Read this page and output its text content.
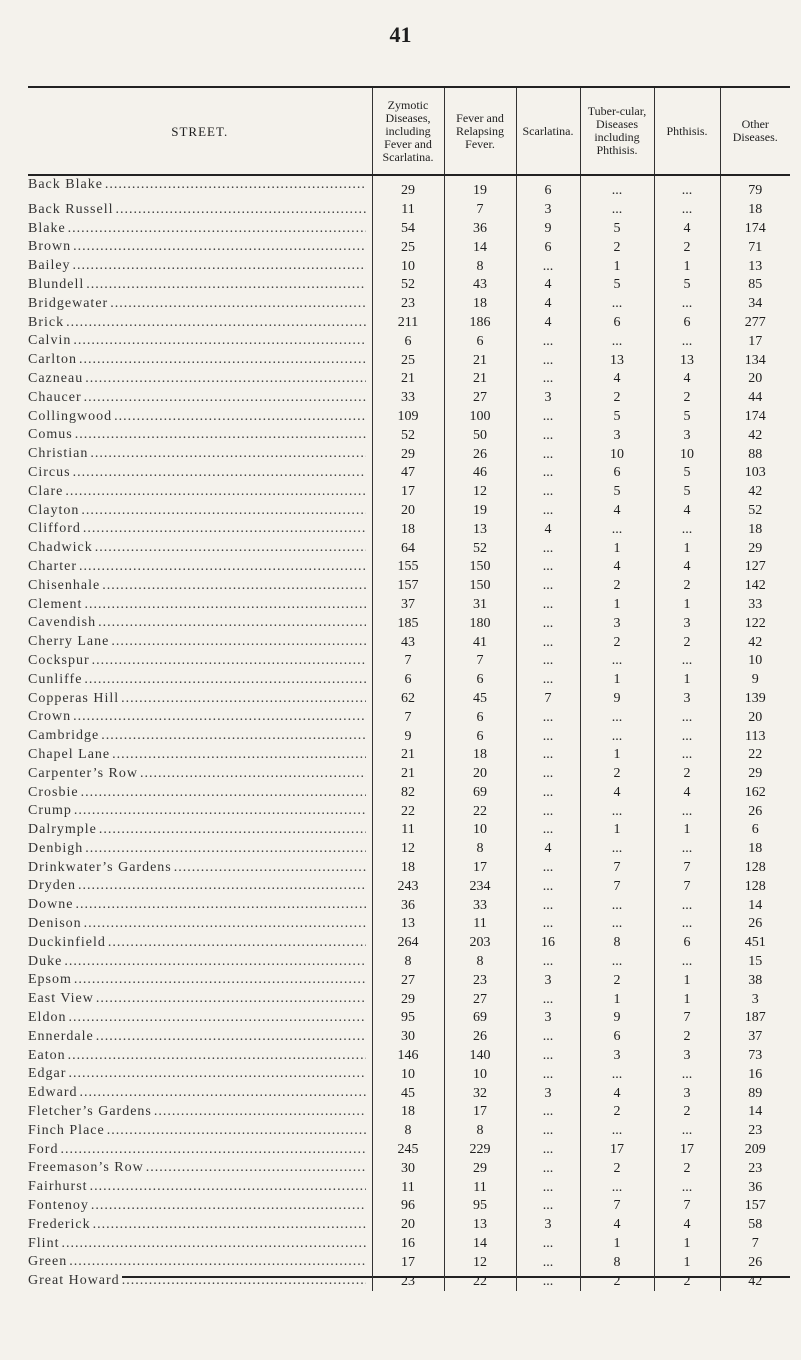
41
STREET.	Zymotic Diseases, including Fever and Scarlatina.	Fever and Relapsing Fever.	Scarlatina.	Tuber-cular, Diseases including Phthisis.	Phthisis.	Other Diseases.

Back Blake .....	29	19	6	...	...	79

Back Russell .....	11	7	3	...	...	18

Blake .....	54	36	9	5	4	174

Brown .....	25	14	6	2	2	71

Bailey .....	10	8	...	1	1	13

Blundell .....	52	43	4	5	5	85

Bridgewater .....	23	18	4	...	...	34

Brick .....	211	186	4	6	6	277

Calvin .....	6	6	...	...	...	17

Carlton .....	25	21	...	13	13	134

Cazneau .....	21	21	...	4	4	20

Chaucer .....	33	27	3	2	2	44

Collingwood .....	109	100	...	5	5	174

Comus .....	52	50	...	3	3	42

Christian .....	29	26	...	10	10	88

Circus .....	47	46	...	6	5	103

Clare .....	17	12	...	5	5	42

Clayton .....	20	19	...	4	4	52

Clifford .....	18	13	4	...	...	18

Chadwick .....	64	52	...	1	1	29

Charter .....	155	150	...	4	4	127

Chisenhale .....	157	150	...	2	2	142

Clement .....	37	31	...	1	1	33

Cavendish .....	185	180	...	3	3	122

Cherry Lane .....	43	41	...	2	2	42

Cockspur .....	7	7	...	...	...	10

Cunliffe .....	6	6	...	1	1	9

Copperas Hill .....	62	45	7	9	3	139

Crown .....	7	6	...	...	...	20

Cambridge .....	9	6	...	...	...	113

Chapel Lane .....	21	18	...	1	...	22

Carpenter’s Row .....	21	20	...	2	2	29

Crosbie .....	82	69	...	4	4	162

Crump .....	22	22	...	...	...	26

Dalrymple .....	11	10	...	1	1	6

Denbigh .....	12	8	4	...	...	18

Drinkwater’s Gardens .....	18	17	...	7	7	128

Dryden .....	243	234	...	7	7	128

Downe .....	36	33	...	...	...	14

Denison .....	13	11	...	...	...	26

Duckinfield .....	264	203	16	8	6	451

Duke .....	8	8	...	...	...	15

Epsom .....	27	23	3	2	1	38

East View .....	29	27	...	1	1	3

Eldon .....	95	69	3	9	7	187

Ennerdale .....	30	26	...	6	2	37

Eaton .....	146	140	...	3	3	73

Edgar .....	10	10	...	...	...	16

Edward .....	45	32	3	4	3	89

Fletcher’s Gardens .....	18	17	...	2	2	14

Finch Place .....	8	8	...	...	...	23

Ford .....	245	229	...	17	17	209

Freemason’s Row .....	30	29	...	2	2	23

Fairhurst .....	11	11	...	...	...	36

Fontenoy .....	96	95	...	7	7	157

Frederick .....	20	13	3	4	4	58

Flint .....	16	14	...	1	1	7

Green .....	17	12	...	8	1	26

Great Howard .....	23	22	...	2	2	42
